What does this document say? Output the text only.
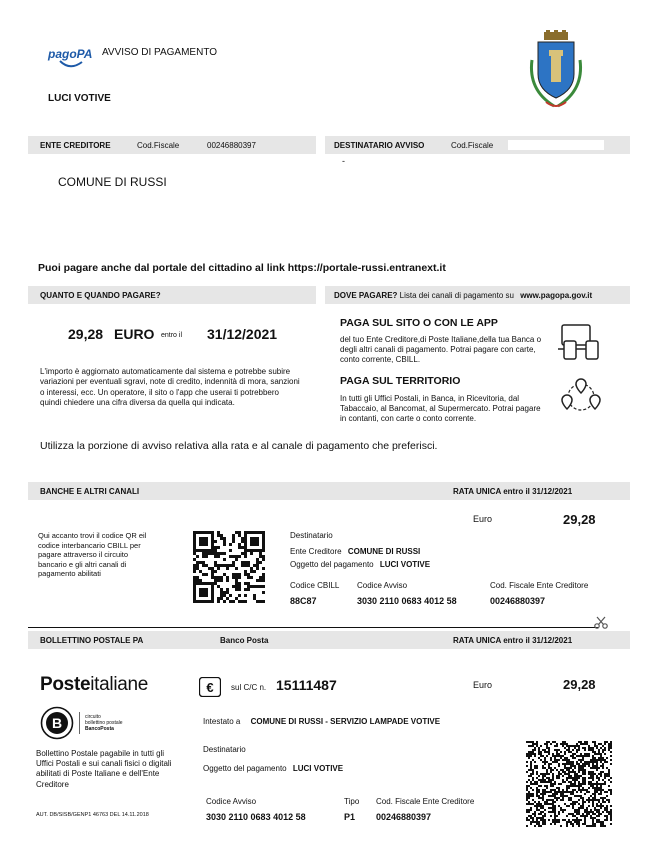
pagoPA AVVISO DI PAGAMENTO
LUCI VOTIVE
ENTE CREDITORE	Cod.Fiscale	00246880397	DESTINATARIO AVVISO	Cod.Fiscale
-
COMUNE DI RUSSI
Puoi pagare anche dal portale del cittadino al link https://portale-russi.entranext.it
QUANTO E QUANDO PAGARE?	DOVE PAGARE? Lista dei canali di pagamento su www.pagopa.gov.it
29,28 EURO entro il 31/12/2021
L'importo è aggiornato automaticamente dal sistema e potrebbe subire variazioni per eventuali sgravi, note di credito, indennità di mora, sanzioni o interessi, ecc. Un operatore, il sito o l'app che userai ti potrebbero quindi chiedere una cifra diversa da quella qui indicata.
PAGA SUL SITO O CON LE APP
del tuo Ente Creditore,di Poste Italiane,della tua Banca o degli altri canali di pagamento. Potrai pagare con carte, conto corrente, CBILL.
PAGA SUL TERRITORIO
In tutti gli Uffici Postali, in Banca, in Ricevitoria, dal Tabaccaio, al Bancomat, al Supermercato. Potrai pagare in contanti, con carte o conto corrente.
Utilizza la porzione di avviso relativa alla rata e al canale di pagamento che preferisci.
BANCHE E ALTRI CANALI	RATA UNICA entro il 31/12/2021
Qui accanto trovi il codice QR eil codice interbancario CBILL per pagare attraverso il circuito bancario e gli altri canali di pagamento abilitati
Euro	29,28
Destinatario
Ente Creditore COMUNE DI RUSSI
Oggetto del pagamento LUCI VOTIVE
Codice CBILL
88C87
Codice Avviso
3030 2110 0683 4012 58
Cod. Fiscale Ente Creditore
00246880397
BOLLETTINO POSTALE PA	Banco Posta	RATA UNICA entro il 31/12/2021
Posteitaliane	€ sul C/C n. 15111487	Euro	29,28
B	circuito
bollettino postale
BancoPosta
Bollettino Postale pagabile in tutti gli Uffici Postali e sui canali fisici o digitali abilitati di Poste Italiane e dell'Ente Creditore
AUT. DB/SISB/GENP1 46763 DEL 14.11.2018
Intestato a COMUNE DI RUSSI - SERVIZIO LAMPADE VOTIVE
Destinatario
Oggetto del pagamento LUCI VOTIVE
Codice Avviso
3030 2110 0683 4012 58
Tipo
P1
Cod. Fiscale Ente Creditore
00246880397
